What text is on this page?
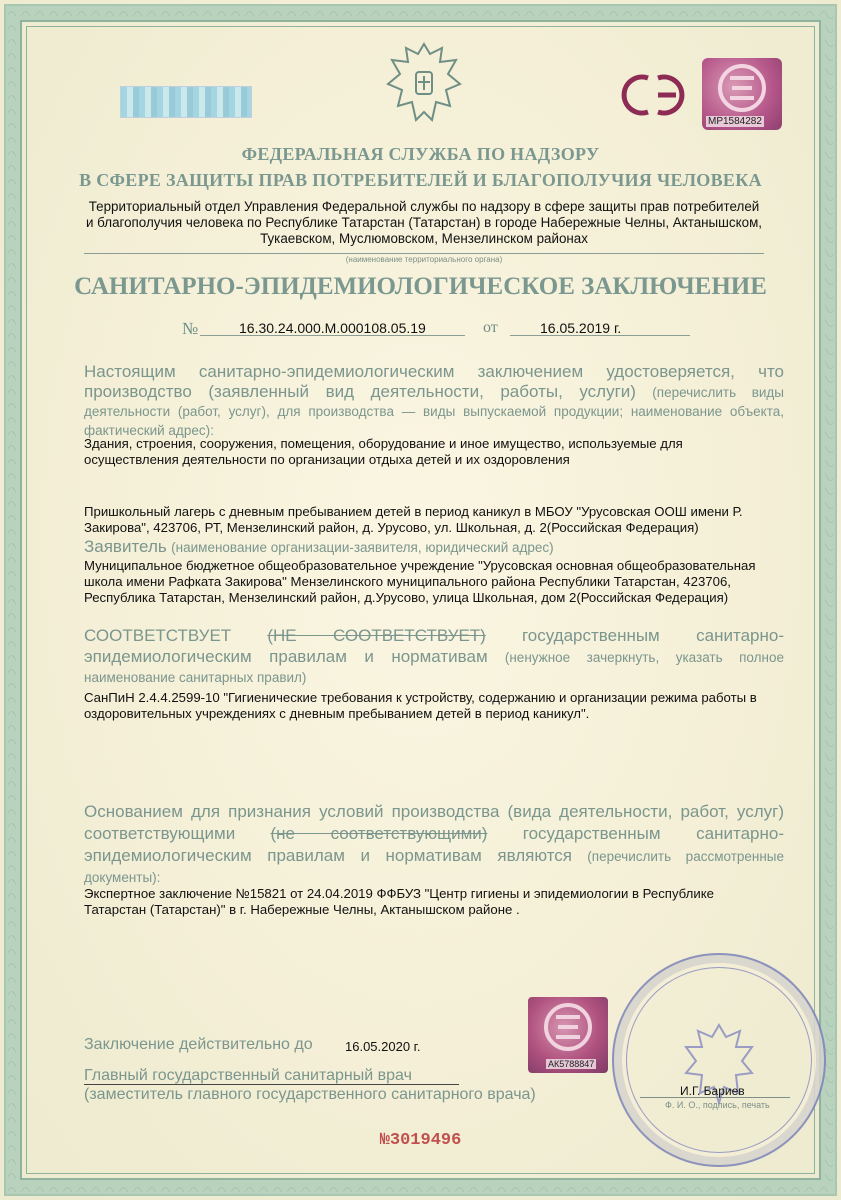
MP1584282
ФЕДЕРАЛЬНАЯ СЛУЖБА ПО НАДЗОРУ
В СФЕРЕ ЗАЩИТЫ ПРАВ ПОТРЕБИТЕЛЕЙ И БЛАГОПОЛУЧИЯ ЧЕЛОВЕКА
Территориальный отдел Управления Федеральной службы по надзору в сфере защиты прав потребителей и благополучия человека по Республике Татарстан (Татарстан) в городе Набережные Челны, Актанышском, Тукаевском, Муслюмовском, Мензелинском районах
(наименование территориального органа)
САНИТАРНО-ЭПИДЕМИОЛОГИЧЕСКОЕ ЗАКЛЮЧЕНИЕ
№	16.30.24.000.М.000108.05.19	от	16.05.2019 г.
Настоящим санитарно-эпидемиологическим заключением удостоверяется, что производство (заявленный вид деятельности, работы, услуги) (перечислить виды деятельности (работ, услуг), для производства — виды выпускаемой продукции; наименование объекта, фактический адрес):
Здания, строения, сооружения, помещения, оборудование и иное имущество, используемые для осуществления деятельности по организации отдыха детей и их оздоровления
Пришкольный лагерь с дневным пребыванием детей в период каникул в МБОУ "Урусовская ООШ имени Р. Закирова", 423706, РТ, Мензелинский район, д. Урусово, ул. Школьная, д. 2(Российская Федерация)
Заявитель (наименование организации-заявителя, юридический адрес)
Муниципальное бюджетное общеобразовательное учреждение "Урусовская основная общеобразовательная школа имени Рафката Закирова" Мензелинского муниципального района Республики Татарстан, 423706, Республика Татарстан, Мензелинский район, д.Урусово, улица Школьная, дом 2(Российская Федерация)
СООТВЕТСТВУЕТ (НЕ СООТВЕТСТВУЕТ) государственным санитарно-эпидемиологическим правилам и нормативам (ненужное зачеркнуть, указать полное наименование санитарных правил)
СанПиН 2.4.4.2599-10 "Гигиенические требования к устройству, содержанию и организации режима работы в оздоровительных учреждениях с дневным пребыванием детей в период каникул".
Основанием для признания условий производства (вида деятельности, работ, услуг) соответствующими (не соответствующими) государственным санитарно-эпидемиологическим правилам и нормативам являются (перечислить рассмотренные документы):
Экспертное заключение №15821 от 24.04.2019 ФФБУЗ "Центр гигиены и эпидемиологии в Республике Татарстан (Татарстан)" в г. Набережные Челны, Актанышском районе .
Заключение действительно до 16.05.2020 г.
Главный государственный санитарный врач
(заместитель главного государственного санитарного врача)
АК5788847
И.Г. Бариев
Ф. И. О., подпись, печать
№3019496
